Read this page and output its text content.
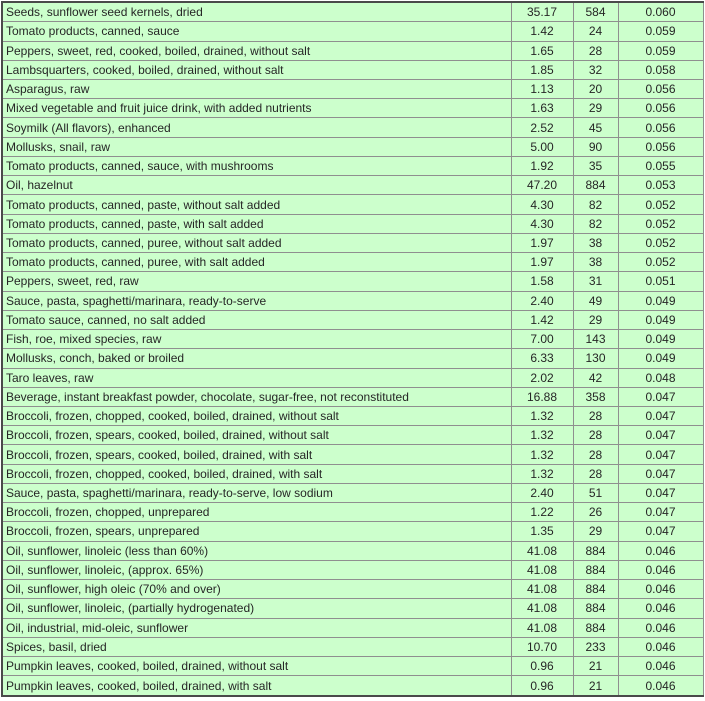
Seeds, sunflower seed kernels, dried	35.17	584	0.060
Tomato products, canned, sauce	1.42	24	0.059
Peppers, sweet, red, cooked, boiled, drained, without salt	1.65	28	0.059
Lambsquarters, cooked, boiled, drained, without salt	1.85	32	0.058
Asparagus, raw	1.13	20	0.056
Mixed vegetable and fruit juice drink, with added nutrients	1.63	29	0.056
Soymilk (All flavors), enhanced	2.52	45	0.056
Mollusks, snail, raw	5.00	90	0.056
Tomato products, canned, sauce, with mushrooms	1.92	35	0.055
Oil, hazelnut	47.20	884	0.053
Tomato products, canned, paste, without salt added	4.30	82	0.052
Tomato products, canned, paste, with salt added	4.30	82	0.052
Tomato products, canned, puree, without salt added	1.97	38	0.052
Tomato products, canned, puree, with salt added	1.97	38	0.052
Peppers, sweet, red, raw	1.58	31	0.051
Sauce, pasta, spaghetti/marinara, ready-to-serve	2.40	49	0.049
Tomato sauce, canned, no salt added	1.42	29	0.049
Fish, roe, mixed species, raw	7.00	143	0.049
Mollusks, conch, baked or broiled	6.33	130	0.049
Taro leaves, raw	2.02	42	0.048
Beverage, instant breakfast powder, chocolate, sugar-free, not reconstituted	16.88	358	0.047
Broccoli, frozen, chopped, cooked, boiled, drained, without salt	1.32	28	0.047
Broccoli, frozen, spears, cooked, boiled, drained, without salt	1.32	28	0.047
Broccoli, frozen, spears, cooked, boiled, drained, with salt	1.32	28	0.047
Broccoli, frozen, chopped, cooked, boiled, drained, with salt	1.32	28	0.047
Sauce, pasta, spaghetti/marinara, ready-to-serve, low sodium	2.40	51	0.047
Broccoli, frozen, chopped, unprepared	1.22	26	0.047
Broccoli, frozen, spears, unprepared	1.35	29	0.047
Oil, sunflower, linoleic (less than 60%)	41.08	884	0.046
Oil, sunflower, linoleic, (approx. 65%)	41.08	884	0.046
Oil, sunflower, high oleic (70% and over)	41.08	884	0.046
Oil, sunflower, linoleic, (partially hydrogenated)	41.08	884	0.046
Oil, industrial, mid-oleic, sunflower	41.08	884	0.046
Spices, basil, dried	10.70	233	0.046
Pumpkin leaves, cooked, boiled, drained, without salt	0.96	21	0.046
Pumpkin leaves, cooked, boiled, drained, with salt	0.96	21	0.046
